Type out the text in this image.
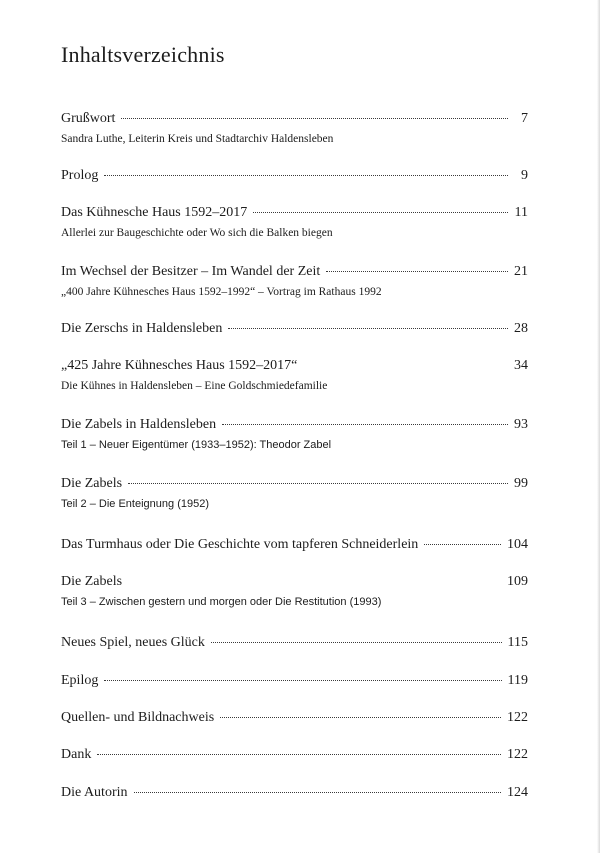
Inhaltsverzeichnis
Grußwort	7
Sandra Luthe, Leiterin Kreis und Stadtarchiv Haldensleben
Prolog	9
Das Kühnesche Haus 1592–2017	11
Allerlei zur Baugeschichte oder Wo sich die Balken biegen
Im Wechsel der Besitzer – Im Wandel der Zeit	21
„400 Jahre Kühnesches Haus 1592–1992“ – Vortrag im Rathaus 1992
Die Zerschs in Haldensleben	28
„425 Jahre Kühnesches Haus 1592–2017“	34
Die Kühnes in Haldensleben – Eine Goldschmiedefamilie
Die Zabels in Haldensleben	93
Teil 1 – Neuer Eigentümer (1933–1952): Theodor Zabel
Die Zabels	99
Teil 2 – Die Enteignung (1952)
Das Turmhaus oder Die Geschichte vom tapferen Schneiderlein	104
Die Zabels	109
Teil 3 – Zwischen gestern und morgen oder Die Restitution (1993)
Neues Spiel, neues Glück	115
Epilog	119
Quellen- und Bildnachweis	122
Dank	122
Die Autorin	124
